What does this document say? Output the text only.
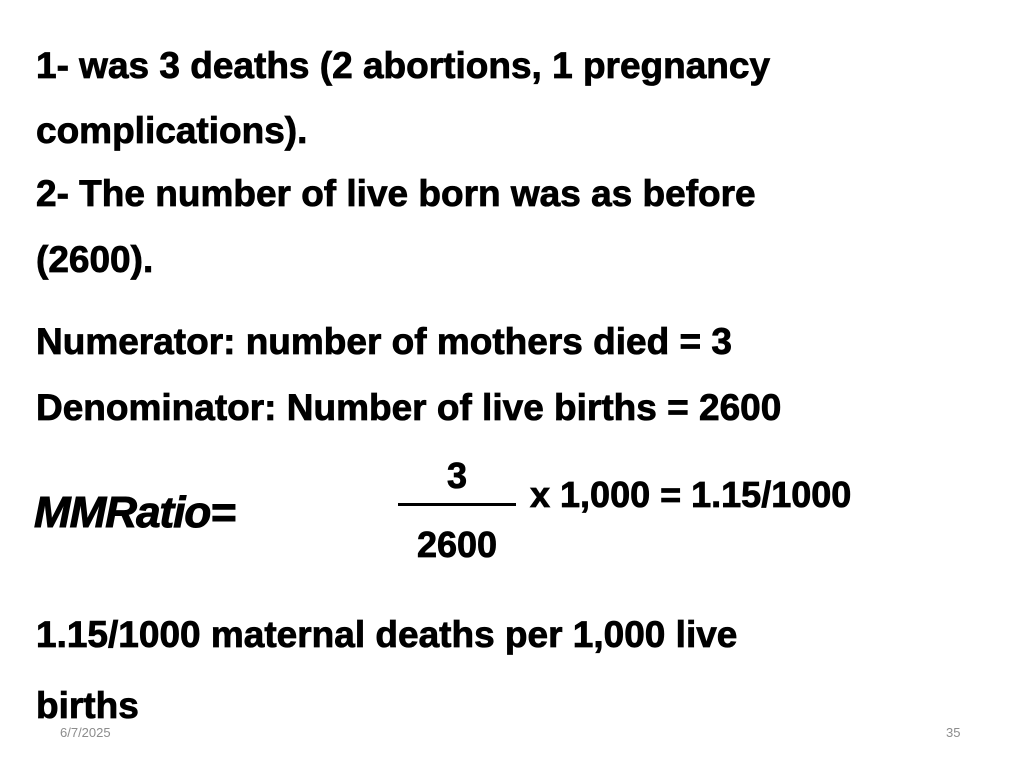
1- was 3 deaths (2 abortions, 1 pregnancy

complications).

2- The number of live born was as before

(2600).

Numerator: number of mothers died = 3

Denominator: Number of live births = 2600

MMRatio=

3
2600
x 1,000 = 1.15/1000

1.15/1000 maternal deaths per 1,000 live

births

6/7/2025	35
